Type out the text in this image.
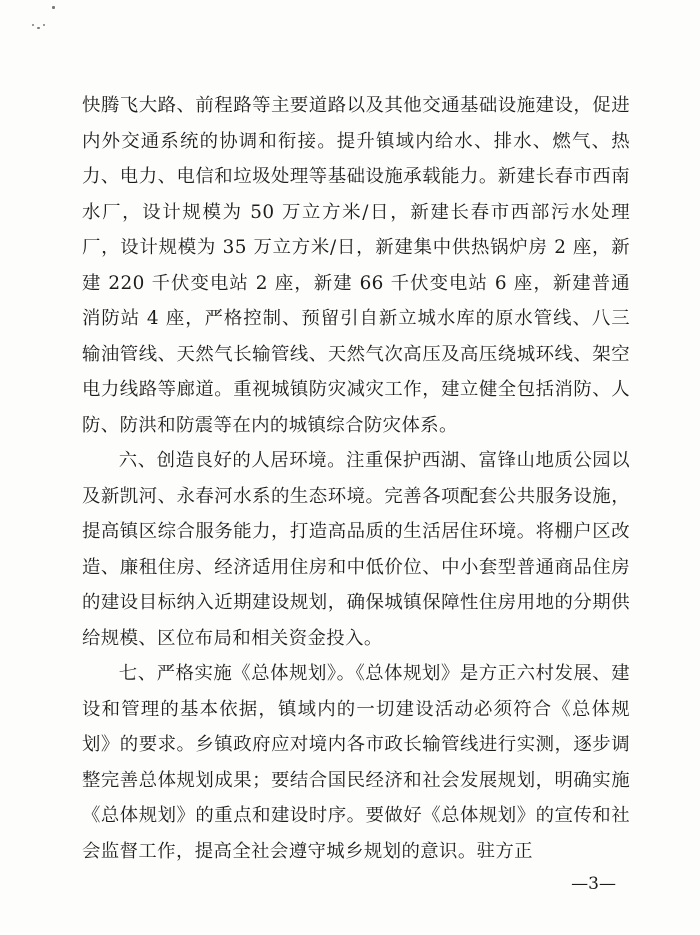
快腾飞大路、前程路等主要道路以及其他交通基础设施建设，促进内外交通系统的协调和衔接。提升镇域内给水、排水、燃气、热力、电力、电信和垃圾处理等基础设施承载能力。新建长春市西南水厂，设计规模为 50 万立方米/日，新建长春市西部污水处理厂，设计规模为 35 万立方米/日，新建集中供热锅炉房 2 座，新建 220 千伏变电站 2 座，新建 66 千伏变电站 6 座，新建普通消防站 4 座，严格控制、预留引自新立城水库的原水管线、八三输油管线、天然气长输管线、天然气次高压及高压绕城环线、架空电力线路等廊道。重视城镇防灾减灾工作，建立健全包括消防、人防、防洪和防震等在内的城镇综合防灾体系。

六、创造良好的人居环境。注重保护西湖、富锋山地质公园以及新凯河、永春河水系的生态环境。完善各项配套公共服务设施，提高镇区综合服务能力，打造高品质的生活居住环境。将棚户区改造、廉租住房、经济适用住房和中低价位、中小套型普通商品住房的建设目标纳入近期建设规划，确保城镇保障性住房用地的分期供给规模、区位布局和相关资金投入。

七、严格实施《总体规划》。《总体规划》是方正六村发展、建设和管理的基本依据，镇域内的一切建设活动必须符合《总体规划》的要求。乡镇政府应对境内各市政长输管线进行实测，逐步调整完善总体规划成果；要结合国民经济和社会发展规划，明确实施《总体规划》的重点和建设时序。要做好《总体规划》的宣传和社会监督工作，提高全社会遵守城乡规划的意识。驻方正

—3—
